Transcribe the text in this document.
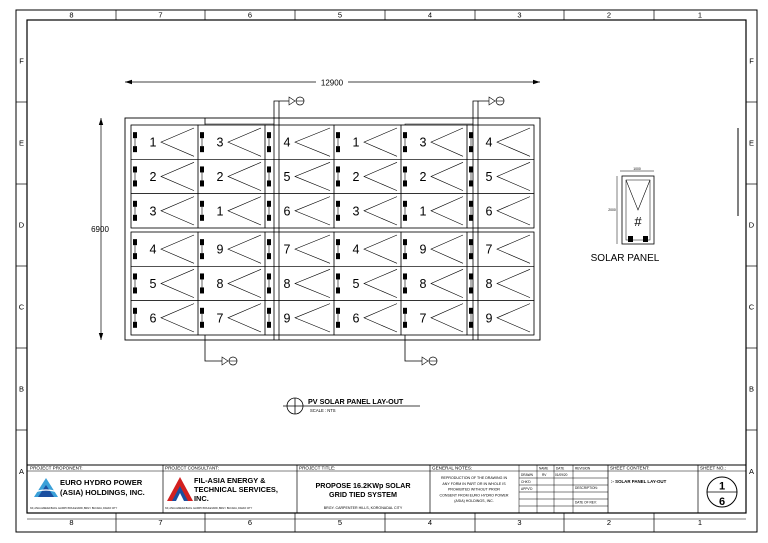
8
8
7
7
6
6
5
5
4
4
3
3
2
2
1
1
F	F
E	E
D	D
C	C
B	B
A	A
12900
6900
1	3	4	1	3	4
2	2	5	2	2	5
3	1	6	3	1	6
4	9	7	4	9	7
5	8	8	5	8	8
6	7	9	6	7	9
PV SOLAR PANEL LAY-OUT
SCALE : NTS
1000
2000
#
SOLAR PANEL
PROJECT PROPONENT:
EURO HYDRO POWER
(ASIA) HOLDINGS, INC.
3/F, ASIA ALMEDA BLDG. ELIMPO BOULEVARD, BRGY. BUCANA, DAVAO CITY
PROJECT CONSULTANT:
FIL-ASIA ENERGY &
TECHNICAL SERVICES,
INC.
3/F, ASIA ALMEDA BLDG. ELIMPO BOULEVARD, BRGY. BUCANA, DAVAO CITY
PROJECT TITLE:
PROPOSE 16.2KWp SOLAR
GRID TIED SYSTEM
BRGY. CARPENTER HILLS, KORONADAL CITY
GENERAL NOTES:
REPRODUCTION OF THE DRAWING IN
ANY FORM IN PART OR IN WHOLE IS
PROHIBITED WITHOUT PRIOR
CONSENT FROM EURO HYDRO POWER
(ASIA) HOLDINGS, INC.
NAME DATE	REVISION
DRAWN
CHK'D
APPV'D
RV	01/09/20
DESCRIPTION:
DATE OF REV:
SHEET CONTENT:
:- SOLAR PANEL LAY-OUT
SHEET NO.:
1
6
